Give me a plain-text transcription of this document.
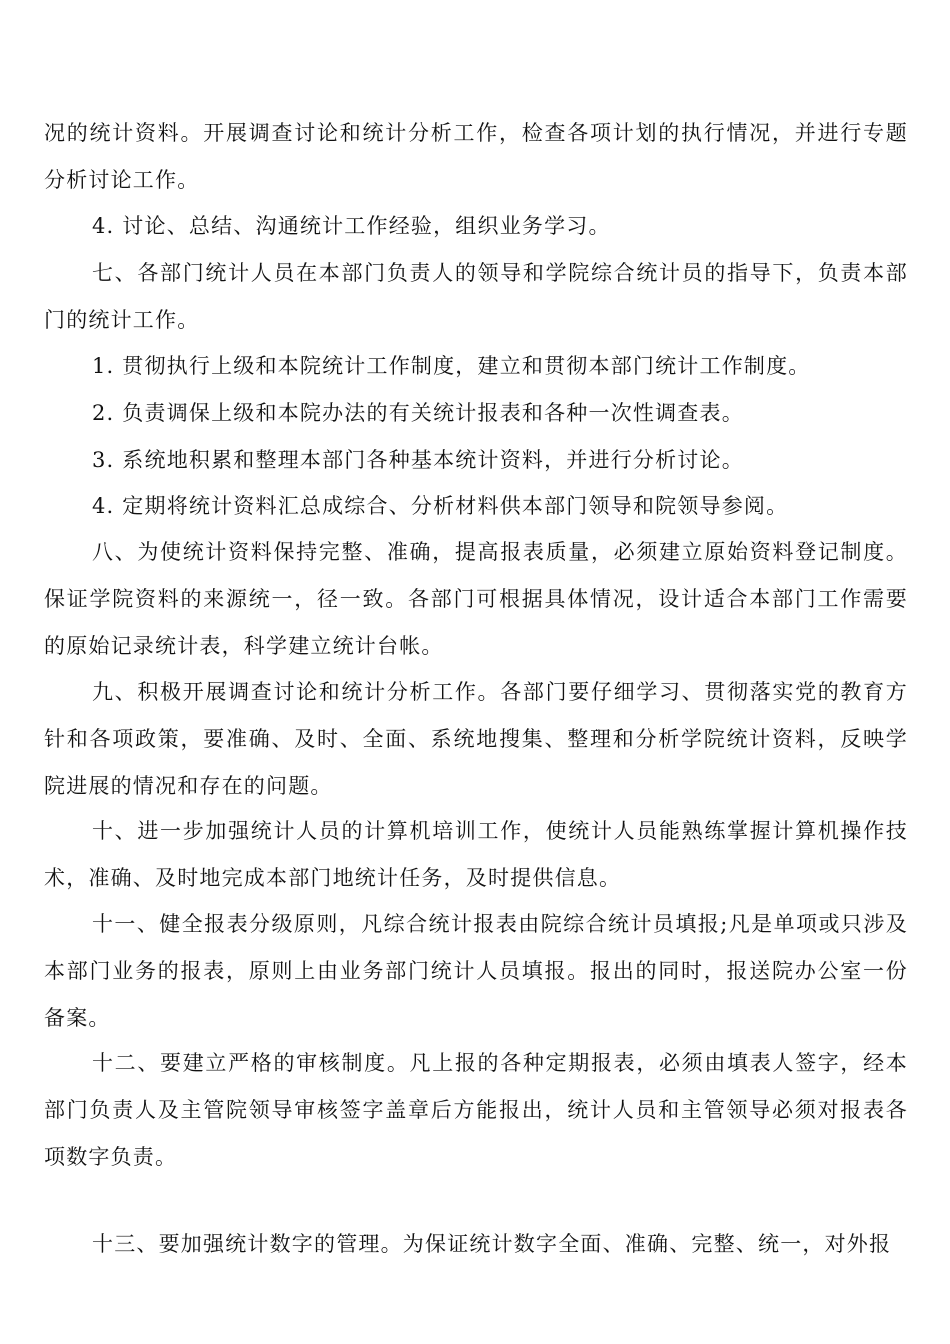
况的统计资料。开展调查讨论和统计分析工作，检查各项计划的执行情况，并进行专题分析讨论工作。

4. 讨论、总结、沟通统计工作经验，组织业务学习。

七、各部门统计人员在本部门负责人的领导和学院综合统计员的指导下，负责本部门的统计工作。

1. 贯彻执行上级和本院统计工作制度，建立和贯彻本部门统计工作制度。

2. 负责调保上级和本院办法的有关统计报表和各种一次性调查表。

3. 系统地积累和整理本部门各种基本统计资料，并进行分析讨论。

4. 定期将统计资料汇总成综合、分析材料供本部门领导和院领导参阅。

八、为使统计资料保持完整、准确，提高报表质量，必须建立原始资料登记制度。保证学院资料的来源统一，径一致。各部门可根据具体情况，设计适合本部门工作需要的原始记录统计表，科学建立统计台帐。

九、积极开展调查讨论和统计分析工作。各部门要仔细学习、贯彻落实党的教育方针和各项政策，要准确、及时、全面、系统地搜集、整理和分析学院统计资料，反映学院进展的情况和存在的问题。

十、进一步加强统计人员的计算机培训工作，使统计人员能熟练掌握计算机操作技术，准确、及时地完成本部门地统计任务，及时提供信息。

十一、健全报表分级原则，凡综合统计报表由院综合统计员填报;凡是单项或只涉及本部门业务的报表，原则上由业务部门统计人员填报。报出的同时，报送院办公室一份备案。

十二、要建立严格的审核制度。凡上报的各种定期报表，必须由填表人签字，经本部门负责人及主管院领导审核签字盖章后方能报出，统计人员和主管领导必须对报表各项数字负责。

十三、要加强统计数字的管理。为保证统计数字全面、准确、完整、统一，对外报
